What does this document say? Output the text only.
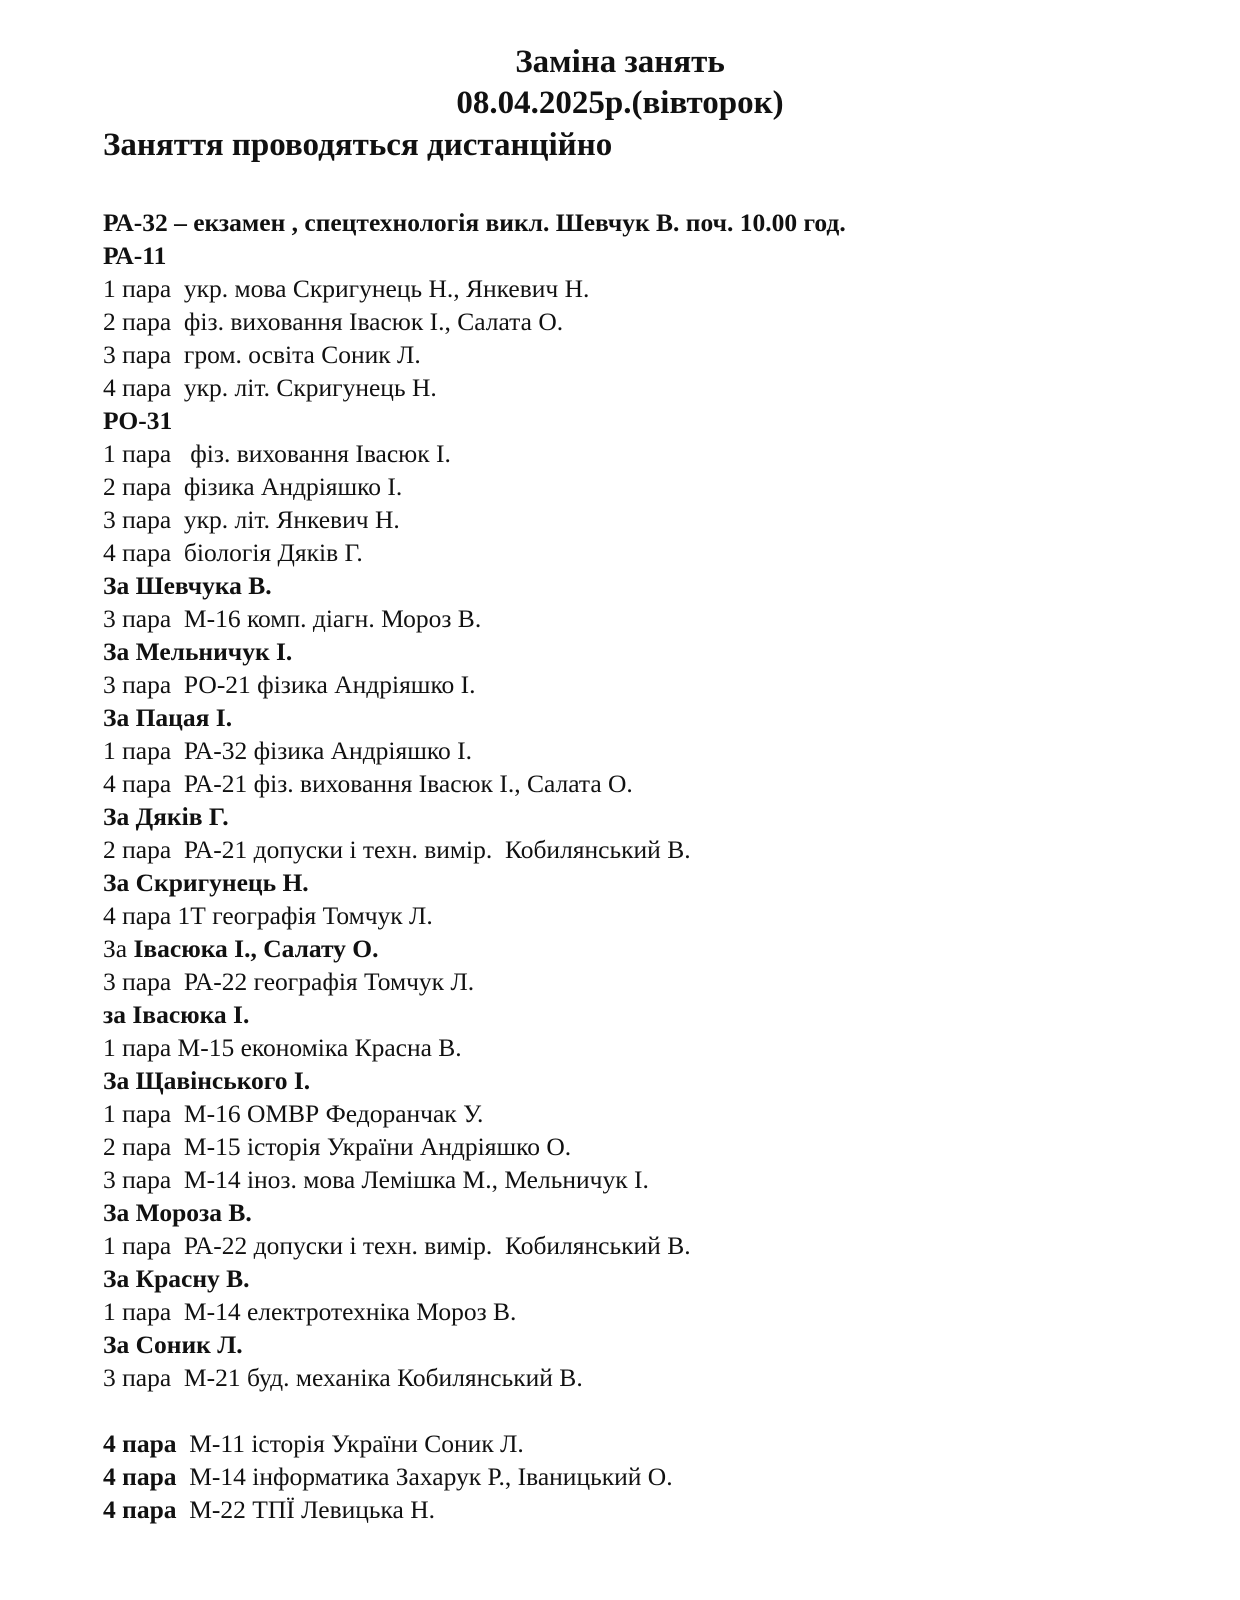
Заміна занять

08.04.2025р.(вівторок)

Заняття проводяться дистанційно

РА-32 – екзамен , спецтехнологія викл. Шевчук В. поч. 10.00 год.

РА-11

1 пара  укр. мова Скригунець Н., Янкевич Н.

2 пара  фіз. виховання Івасюк І., Салата О.

3 пара  гром. освіта Соник Л.

4 пара  укр. літ. Скригунець Н.

РО-31

1 пара   фіз. виховання Івасюк І.

2 пара  фізика Андріяшко І.

3 пара  укр. літ. Янкевич Н.

4 пара  біологія Дяків Г.

За Шевчука В.

3 пара  М-16 комп. діагн. Мороз В.

За Мельничук І.

3 пара  РО-21 фізика Андріяшко І.

За Пацая І.

1 пара  РА-32 фізика Андріяшко І.

4 пара  РА-21 фіз. виховання Івасюк І., Салата О.

За Дяків Г.

2 пара  РА-21 допуски і техн. вимір.  Кобилянський В.

За Скригунець Н.

4 пара 1Т географія Томчук Л.

За Івасюка І., Салату О.

3 пара  РА-22 географія Томчук Л.

за Івасюка І.

1 пара М-15 економіка Красна В.

За Щавінського І.

1 пара  М-16 ОМВР Федоранчак У.

2 пара  М-15 історія України Андріяшко О.

3 пара  М-14 іноз. мова Лемішка М., Мельничук І.

За Мороза В.

1 пара  РА-22 допуски і техн. вимір.  Кобилянський В.

За Красну В.

1 пара  М-14 електротехніка Мороз В.

За Соник Л.

3 пара  М-21 буд. механіка Кобилянський В.

4 пара  М-11 історія України Соник Л.

4 пара  М-14 інформатика Захарук Р., Іваницький О.

4 пара  М-22 ТПЇ Левицька Н.
